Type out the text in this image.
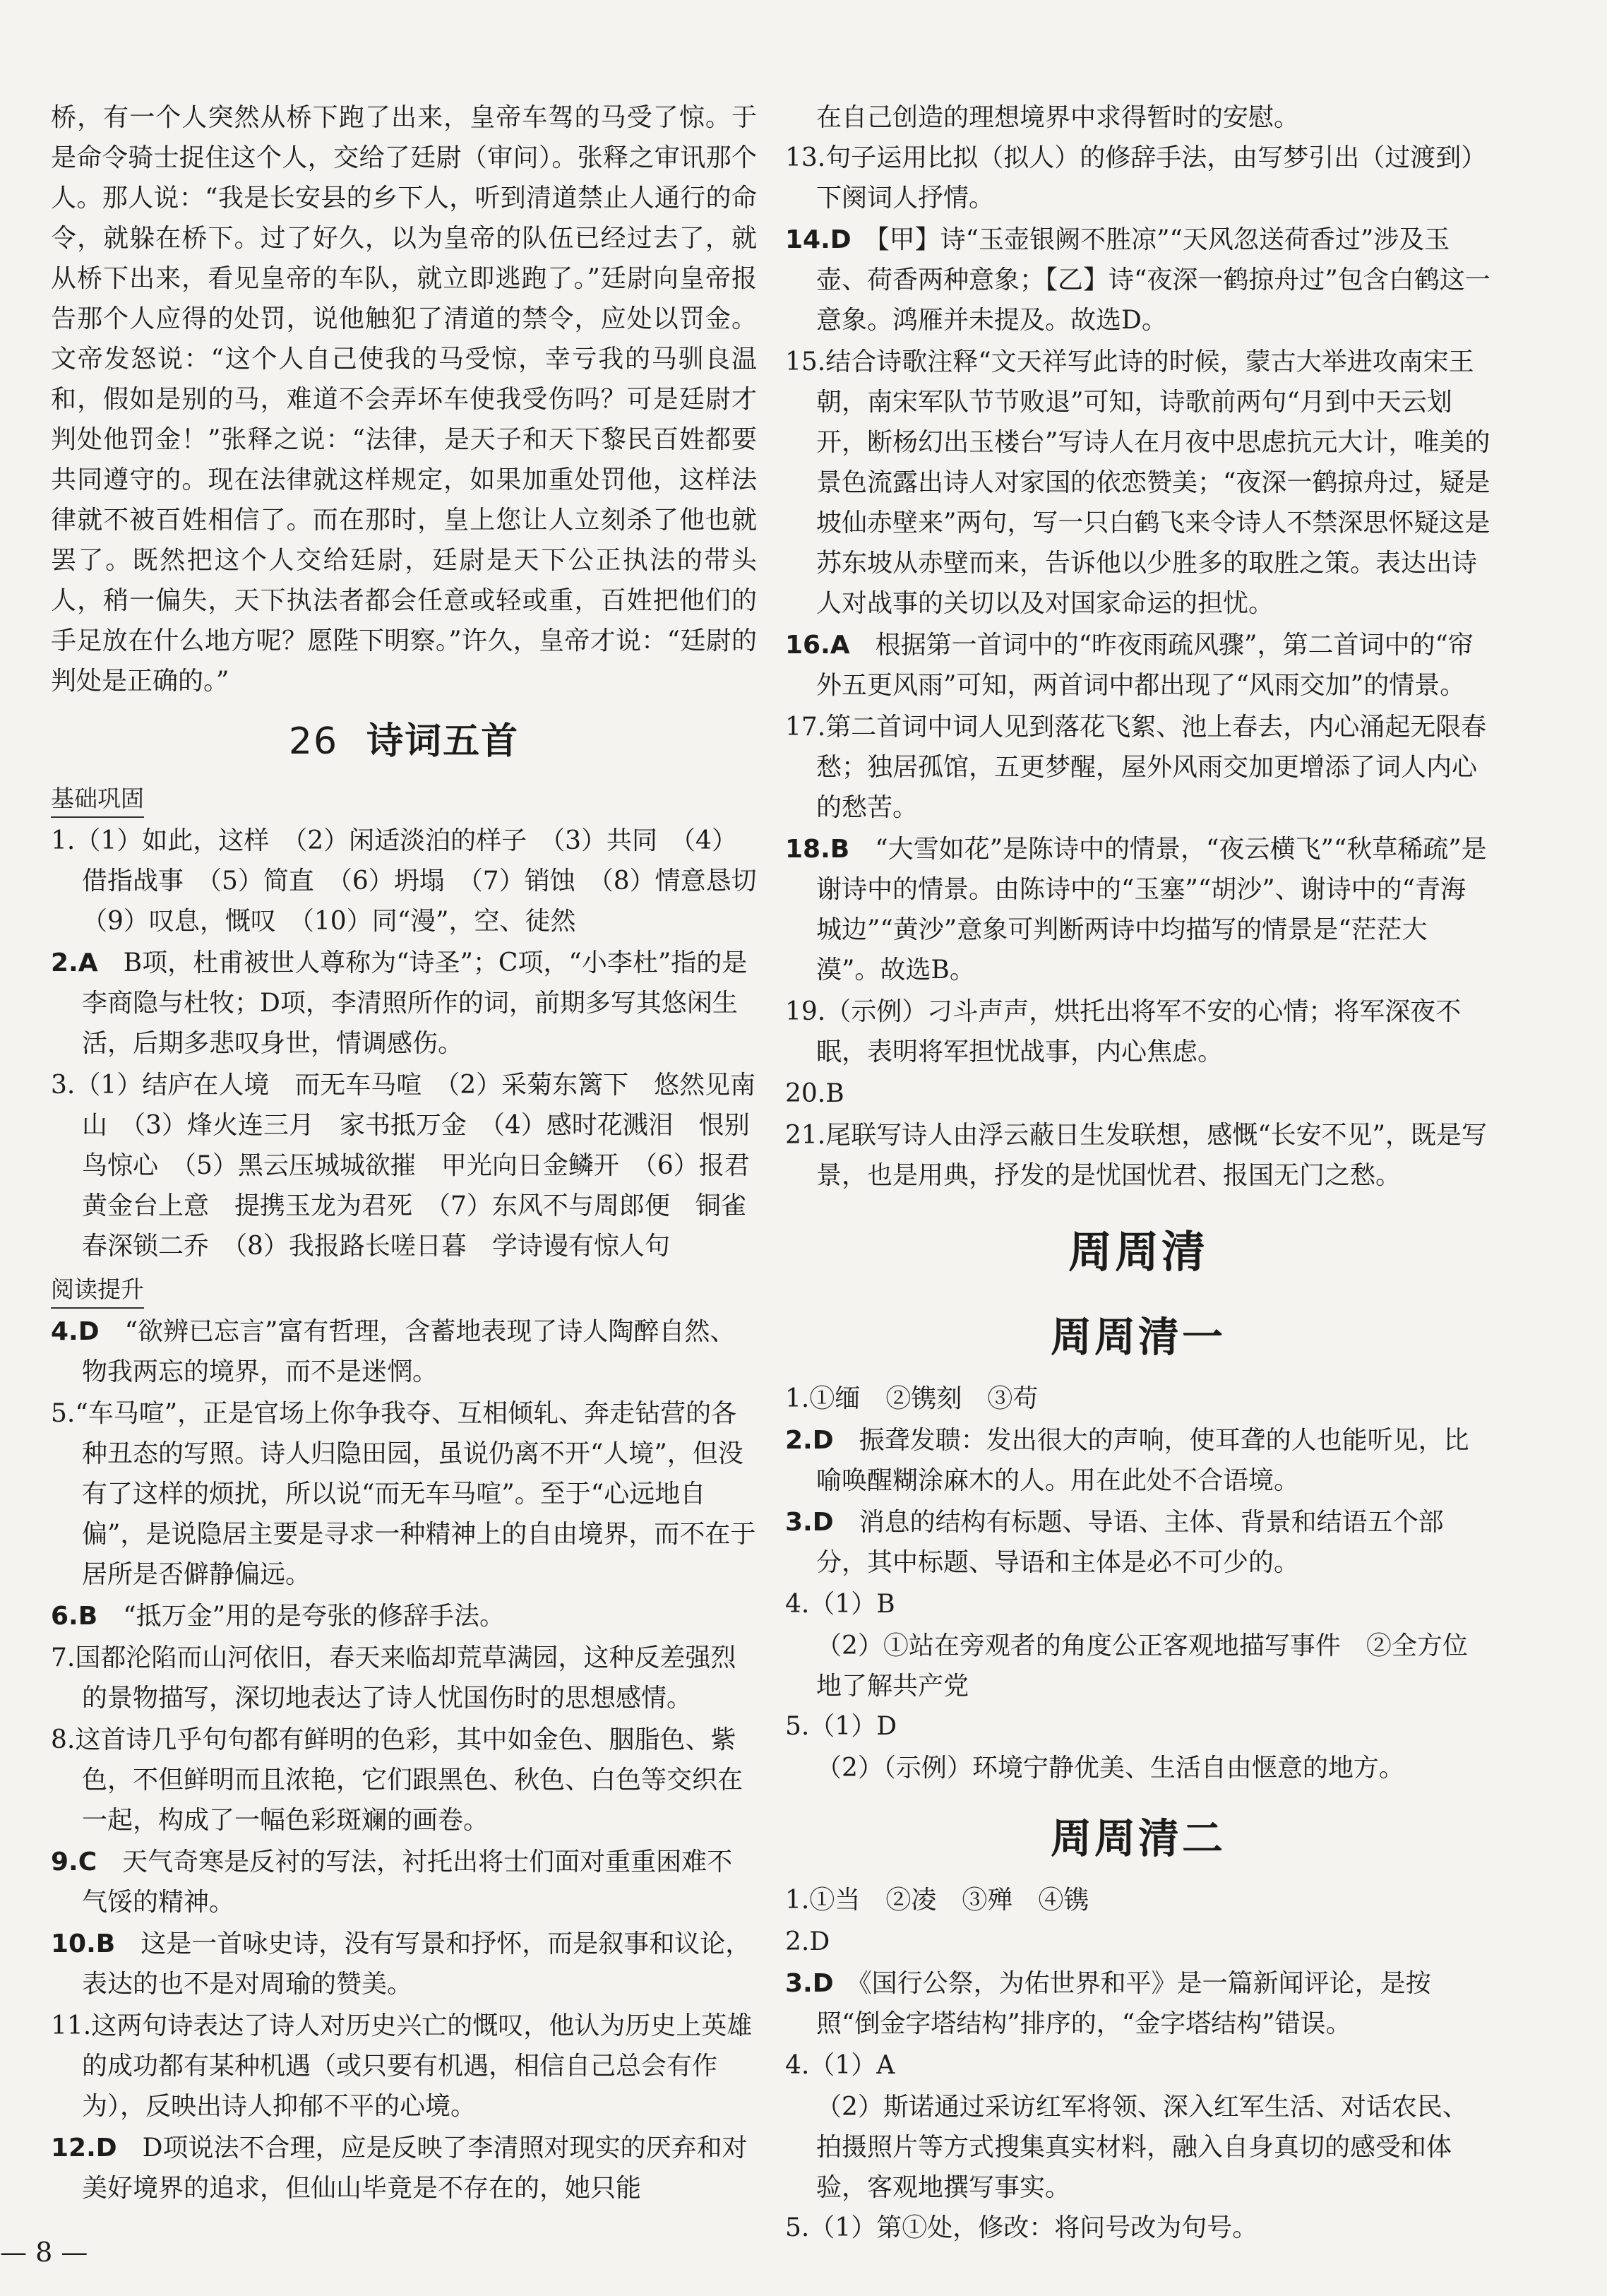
桥，有一个人突然从桥下跑了出来，皇帝车驾的马受了惊。于是命令骑士捉住这个人，交给了廷尉（审问）。张释之审讯那个人。那人说：“我是长安县的乡下人，听到清道禁止人通行的命令，就躲在桥下。过了好久，以为皇帝的队伍已经过去了，就从桥下出来，看见皇帝的车队，就立即逃跑了。”廷尉向皇帝报告那个人应得的处罚，说他触犯了清道的禁令，应处以罚金。文帝发怒说：“这个人自己使我的马受惊，幸亏我的马驯良温和，假如是别的马，难道不会弄坏车使我受伤吗？可是廷尉才判处他罚金！”张释之说：“法律，是天子和天下黎民百姓都要共同遵守的。现在法律就这样规定，如果加重处罚他，这样法律就不被百姓相信了。而在那时，皇上您让人立刻杀了他也就罢了。既然把这个人交给廷尉，廷尉是天下公正执法的带头人，稍一偏失，天下执法者都会任意或轻或重，百姓把他们的手足放在什么地方呢？愿陛下明察。”许久，皇帝才说：“廷尉的判处是正确的。”

26 诗词五首
基础巩固

1.（1）如此，这样　（2）闲适淡泊的样子　（3）共同　（4）借指战事　（5）简直　（6）坍塌　（7）销蚀　（8）情意恳切　（9）叹息，慨叹　（10）同“漫”，空、徒然

2.A　 B项，杜甫被世人尊称为“诗圣”；C项，“小李杜”指的是李商隐与杜牧；D项，李清照所作的词，前期多写其悠闲生活，后期多悲叹身世，情调感伤。

3.（1）结庐在人境　而无车马喧　（2）采菊东篱下　悠然见南山　（3）烽火连三月　家书抵万金　（4）感时花溅泪　恨别鸟惊心　（5）黑云压城城欲摧　甲光向日金鳞开　（6）报君黄金台上意　提携玉龙为君死　（7）东风不与周郎便　铜雀春深锁二乔　（8）我报路长嗟日暮　学诗谩有惊人句

阅读提升

4.D　 “欲辨已忘言”富有哲理，含蓄地表现了诗人陶醉自然、物我两忘的境界，而不是迷惘。

5.“车马喧”，正是官场上你争我夺、互相倾轧、奔走钻营的各种丑态的写照。诗人归隐田园，虽说仍离不开“人境”，但没有了这样的烦扰，所以说“而无车马喧”。至于“心远地自偏”，是说隐居主要是寻求一种精神上的自由境界，而不在于居所是否僻静偏远。

6.B　 “抵万金”用的是夸张的修辞手法。

7.国都沦陷而山河依旧，春天来临却荒草满园，这种反差强烈的景物描写，深切地表达了诗人忧国伤时的思想感情。

8.这首诗几乎句句都有鲜明的色彩，其中如金色、胭脂色、紫色，不但鲜明而且浓艳，它们跟黑色、秋色、白色等交织在一起，构成了一幅色彩斑斓的画卷。

9.C　 天气奇寒是反衬的写法，衬托出将士们面对重重困难不气馁的精神。

10.B　 这是一首咏史诗，没有写景和抒怀，而是叙事和议论，表达的也不是对周瑜的赞美。

11.这两句诗表达了诗人对历史兴亡的慨叹，他认为历史上英雄的成功都有某种机遇（或只要有机遇，相信自己总会有作为），反映出诗人抑郁不平的心境。

12.D　 D项说法不合理，应是反映了李清照对现实的厌弃和对美好境界的追求，但仙山毕竟是不存在的，她只能

在自己创造的理想境界中求得暂时的安慰。

13.句子运用比拟（拟人）的修辞手法，由写梦引出（过渡到）下阕词人抒情。

14.D　 【甲】诗“玉壶银阙不胜凉”“天风忽送荷香过”涉及玉壶、荷香两种意象；【乙】诗“夜深一鹤掠舟过”包含白鹤这一意象。鸿雁并未提及。故选D。

15.结合诗歌注释“文天祥写此诗的时候，蒙古大举进攻南宋王朝，南宋军队节节败退”可知，诗歌前两句“月到中天云划开，断杨幻出玉楼台”写诗人在月夜中思虑抗元大计，唯美的景色流露出诗人对家国的依恋赞美；“夜深一鹤掠舟过，疑是坡仙赤壁来”两句，写一只白鹤飞来令诗人不禁深思怀疑这是苏东坡从赤壁而来，告诉他以少胜多的取胜之策。表达出诗人对战事的关切以及对国家命运的担忧。

16.A　 根据第一首词中的“昨夜雨疏风骤”，第二首词中的“帘外五更风雨”可知，两首词中都出现了“风雨交加”的情景。

17.第二首词中词人见到落花飞絮、池上春去，内心涌起无限春愁；独居孤馆，五更梦醒，屋外风雨交加更增添了词人内心的愁苦。

18.B　 “大雪如花”是陈诗中的情景，“夜云横飞”“秋草稀疏”是谢诗中的情景。由陈诗中的“玉塞”“胡沙”、谢诗中的“青海城边”“黄沙”意象可判断两诗中均描写的情景是“茫茫大漠”。故选B。

19.（示例）刁斗声声，烘托出将军不安的心情；将军深夜不眠，表明将军担忧战事，内心焦虑。

20.B

21.尾联写诗人由浮云蔽日生发联想，感慨“长安不见”，既是写景，也是用典，抒发的是忧国忧君、报国无门之愁。

周周清
周周清一

1.①缅　②镌刻　③苟

2.D　 振聋发聩：发出很大的声响，使耳聋的人也能听见，比喻唤醒糊涂麻木的人。用在此处不合语境。

3.D　 消息的结构有标题、导语、主体、背景和结语五个部分，其中标题、导语和主体是必不可少的。

4.（1）B

（2）①站在旁观者的角度公正客观地描写事件　②全方位地了解共产党

5.（1）D

（2）（示例）环境宁静优美、生活自由惬意的地方。

周周清二

1.①当　②凌　③殚　④镌

2.D

3.D　 《国行公祭，为佑世界和平》是一篇新闻评论，是按照“倒金字塔结构”排序的，“金字塔结构”错误。

4.（1）A

（2）斯诺通过采访红军将领、深入红军生活、对话农民、拍摄照片等方式搜集真实材料，融入自身真切的感受和体验，客观地撰写事实。

5.（1）第①处，修改：将问号改为句号。

— 8 —
